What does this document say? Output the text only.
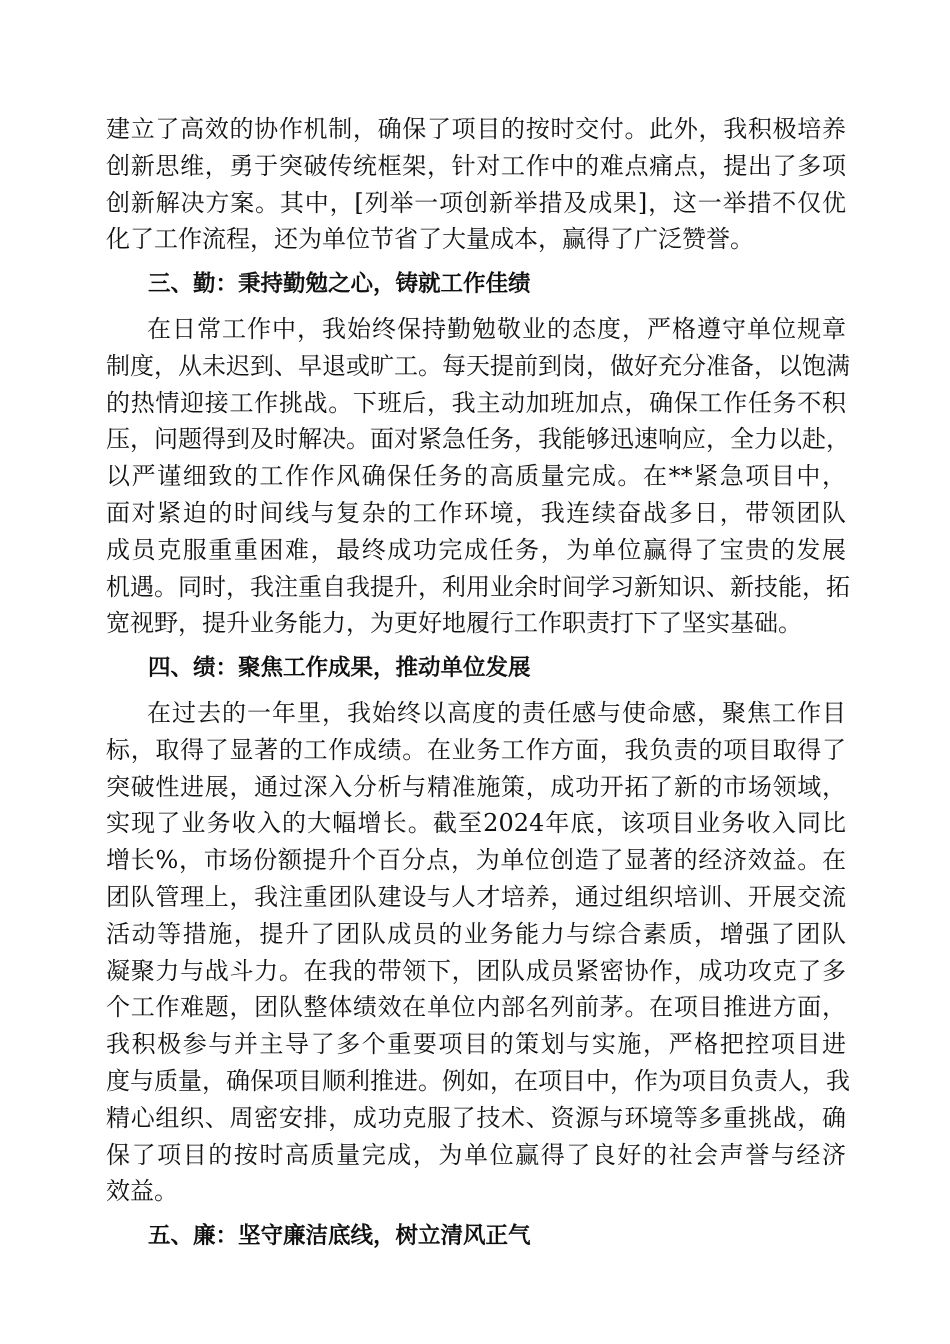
建立了高效的协作机制，确保了项目的按时交付。此外，我积极培养
创新思维，勇于突破传统框架，针对工作中的难点痛点，提出了多项
创新解决方案。其中，[列举一项创新举措及成果]，这一举措不仅优
化了工作流程，还为单位节省了大量成本，赢得了广泛赞誉。
三、勤：秉持勤勉之心，铸就工作佳绩
在日常工作中，我始终保持勤勉敬业的态度，严格遵守单位规章
制度，从未迟到、早退或旷工。每天提前到岗，做好充分准备，以饱满
的热情迎接工作挑战。下班后，我主动加班加点，确保工作任务不积
压，问题得到及时解决。面对紧急任务，我能够迅速响应，全力以赴，
以严谨细致的工作作风确保任务的高质量完成。在**紧急项目中，
面对紧迫的时间线与复杂的工作环境，我连续奋战多日，带领团队
成员克服重重困难，最终成功完成任务，为单位赢得了宝贵的发展
机遇。同时，我注重自我提升，利用业余时间学习新知识、新技能，拓
宽视野，提升业务能力，为更好地履行工作职责打下了坚实基础。
四、绩：聚焦工作成果，推动单位发展
在过去的一年里，我始终以高度的责任感与使命感，聚焦工作目
标，取得了显著的工作成绩。在业务工作方面，我负责的项目取得了
突破性进展，通过深入分析与精准施策，成功开拓了新的市场领域，
实现了业务收入的大幅增长。截至2024年底，该项目业务收入同比
增长%，市场份额提升个百分点，为单位创造了显著的经济效益。在
团队管理上，我注重团队建设与人才培养，通过组织培训、开展交流
活动等措施，提升了团队成员的业务能力与综合素质，增强了团队
凝聚力与战斗力。在我的带领下，团队成员紧密协作，成功攻克了多
个工作难题，团队整体绩效在单位内部名列前茅。在项目推进方面，
我积极参与并主导了多个重要项目的策划与实施，严格把控项目进
度与质量，确保项目顺利推进。例如，在项目中，作为项目负责人，我
精心组织、周密安排，成功克服了技术、资源与环境等多重挑战，确
保了项目的按时高质量完成，为单位赢得了良好的社会声誉与经济
效益。
五、廉：坚守廉洁底线，树立清风正气
